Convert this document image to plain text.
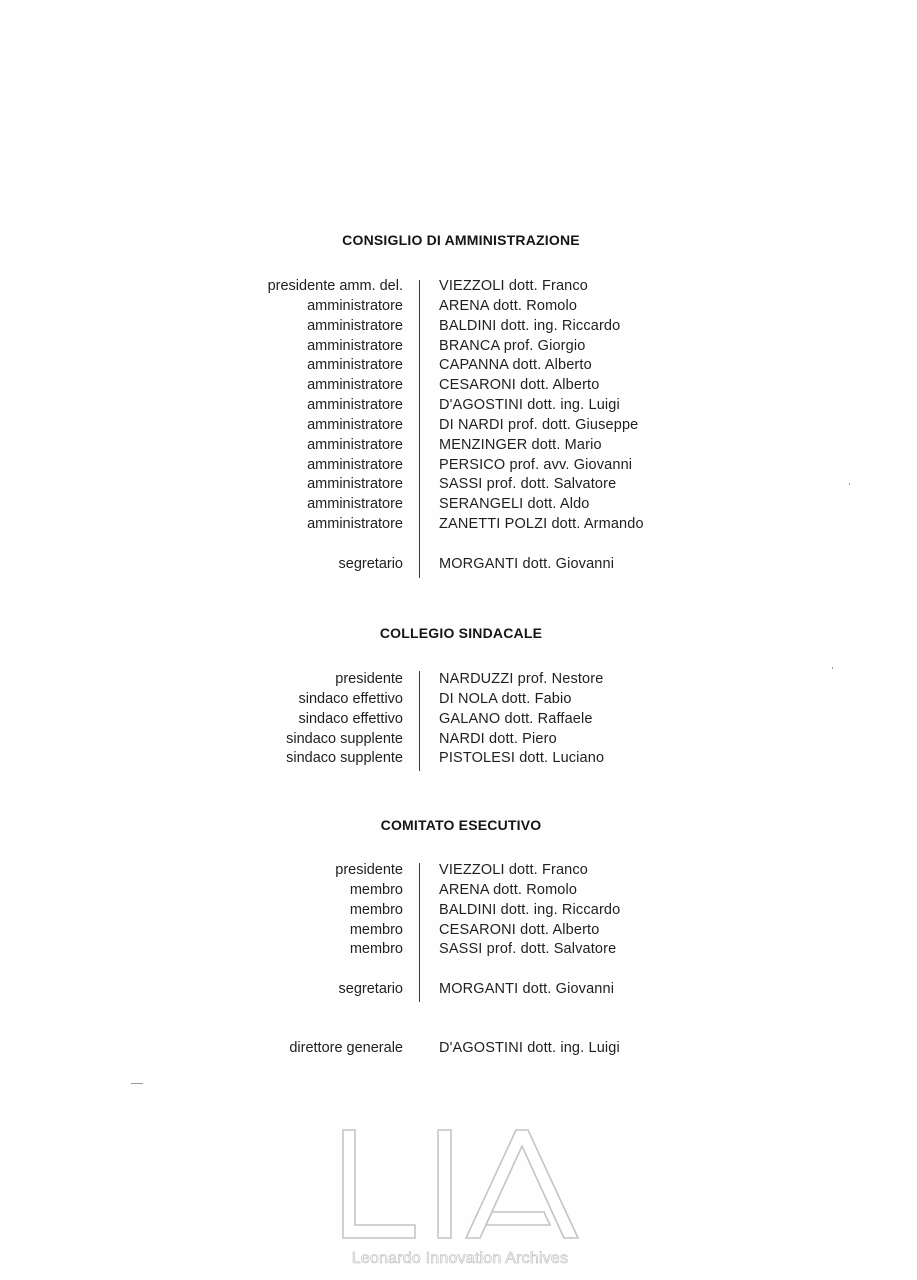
CONSIGLIO DI AMMINISTRAZIONE
presidente amm. del. VIEZZOLI dott. Franco
amministratore ARENA dott. Romolo
amministratore BALDINI dott. ing. Riccardo
amministratore BRANCA prof. Giorgio
amministratore CAPANNA dott. Alberto
amministratore CESARONI dott. Alberto
amministratore D'AGOSTINI dott. ing. Luigi
amministratore DI NARDI prof. dott. Giuseppe
amministratore MENZINGER dott. Mario
amministratore PERSICO prof. avv. Giovanni
amministratore SASSI prof. dott. Salvatore
amministratore SERANGELI dott. Aldo
amministratore ZANETTI POLZI dott. Armando
segretario MORGANTI dott. Giovanni
COLLEGIO SINDACALE
presidente NARDUZZI prof. Nestore
sindaco effettivo DI NOLA dott. Fabio
sindaco effettivo GALANO dott. Raffaele
sindaco supplente NARDI dott. Piero
sindaco supplente PISTOLESI dott. Luciano
COMITATO ESECUTIVO
presidente VIEZZOLI dott. Franco
membro ARENA dott. Romolo
membro BALDINI dott. ing. Riccardo
membro CESARONI dott. Alberto
membro SASSI prof. dott. Salvatore
segretario MORGANTI dott. Giovanni
direttore generale D'AGOSTINI dott. ing. Luigi
Leonardo Innovation Archives
